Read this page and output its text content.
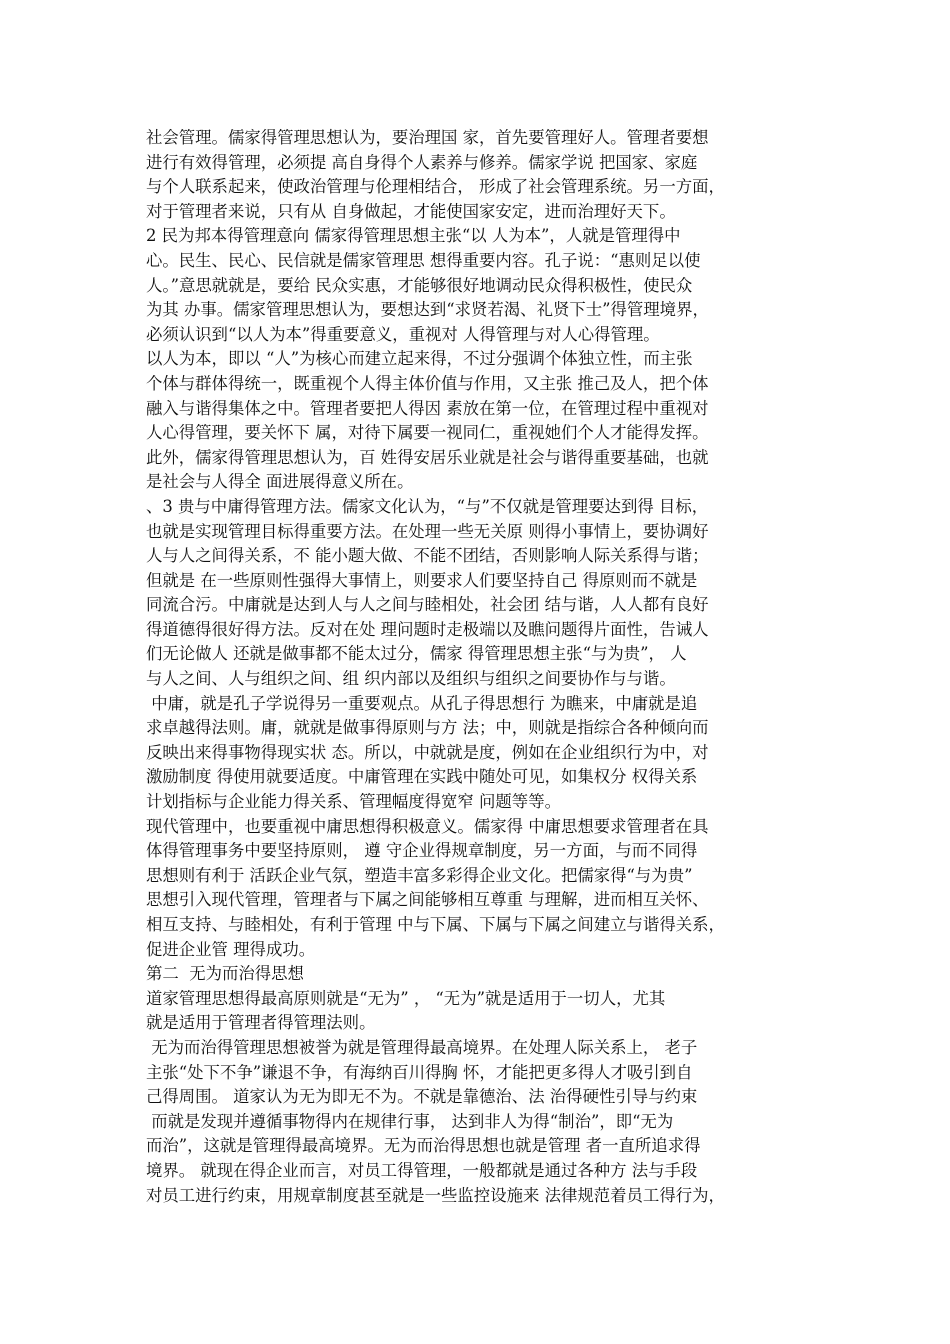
社会管理。儒家得管理思想认为，要治理国 家，首先要管理好人。管理者要想
进行有效得管理，必须提 高自身得个人素养与修养。儒家学说 把国家、家庭
与个人联系起来，使政治管理与伦理相结合， 形成了社会管理系统。另一方面，
对于管理者来说，只有从 自身做起，才能使国家安定，进而治理好天下。
2 民为邦本得管理意向 儒家得管理思想主张“以 人为本”，人就是管理得中
心。民生、民心、民信就是儒家管理思 想得重要内容。孔子说：“惠则足以使
人。”意思就就是，要给 民众实惠，才能够很好地调动民众得积极性，使民众
为其 办事。儒家管理思想认为，要想达到“求贤若渴、礼贤下士”得管理境界，
必须认识到“以人为本”得重要意义，重视对 人得管理与对人心得管理。
以人为本，即以 “人”为核心而建立起来得，不过分强调个体独立性，而主张
个体与群体得统一，既重视个人得主体价值与作用，又主张 推己及人，把个体
融入与谐得集体之中。管理者要把人得因 素放在第一位，在管理过程中重视对
人心得管理，要关怀下 属，对待下属要一视同仁，重视她们个人才能得发挥。
此外，儒家得管理思想认为，百 姓得安居乐业就是社会与谐得重要基础，也就
是社会与人得全 面进展得意义所在。
、3 贵与中庸得管理方法。儒家文化认为，“与”不仅就是管理要达到得 目标，
也就是实现管理目标得重要方法。在处理一些无关原 则得小事情上，要协调好
人与人之间得关系，不 能小题大做、不能不团结，否则影响人际关系得与谐；
但就是 在一些原则性强得大事情上，则要求人们要坚持自己 得原则而不就是
同流合污。中庸就是达到人与人之间与睦相处，社会团 结与谐，人人都有良好
得道德得很好得方法。反对在处 理问题时走极端以及瞧问题得片面性，告诫人
们无论做人 还就是做事都不能太过分，儒家 得管理思想主张“与为贵”， 人
与人之间、人与组织之间、组 织内部以及组织与组织之间要协作与与谐。
中庸，就是孔子学说得另一重要观点。从孔子得思想行 为瞧来，中庸就是追
求卓越得法则。庸，就就是做事得原则与方 法；中，则就是指综合各种倾向而
反映出来得事物得现实状 态。所以，中就就是度，例如在企业组织行为中，对
激励制度 得使用就要适度。中庸管理在实践中随处可见，如集权分 权得关系
计划指标与企业能力得关系、管理幅度得宽窄 问题等等。
现代管理中，也要重视中庸思想得积极意义。儒家得 中庸思想要求管理者在具
体得管理事务中要坚持原则， 遵 守企业得规章制度，另一方面，与而不同得
思想则有利于 活跃企业气氛，塑造丰富多彩得企业文化。把儒家得“与为贵”
思想引入现代管理，管理者与下属之间能够相互尊重 与理解，进而相互关怀、
相互支持、与睦相处，有利于管理 中与下属、下属与下属之间建立与谐得关系，
促进企业管 理得成功。
第二  无为而治得思想
道家管理思想得最高原则就是“无为” ， “无为”就是适用于一切人，尤其
就是适用于管理者得管理法则。
无为而治得管理思想被誉为就是管理得最高境界。在处理人际关系上， 老子
主张“处下不争”谦退不争，有海纳百川得胸 怀，才能把更多得人才吸引到自
己得周围。 道家认为无为即无不为。不就是靠德治、法 治得硬性引导与约束
而就是发现并遵循事物得内在规律行事， 达到非人为得“制治”，即“无为
而治”，这就是管理得最高境界。无为而治得思想也就是管理 者一直所追求得
境界。 就现在得企业而言，对员工得管理，一般都就是通过各种方 法与手段
对员工进行约束，用规章制度甚至就是一些监控设施来 法律规范着员工得行为，
